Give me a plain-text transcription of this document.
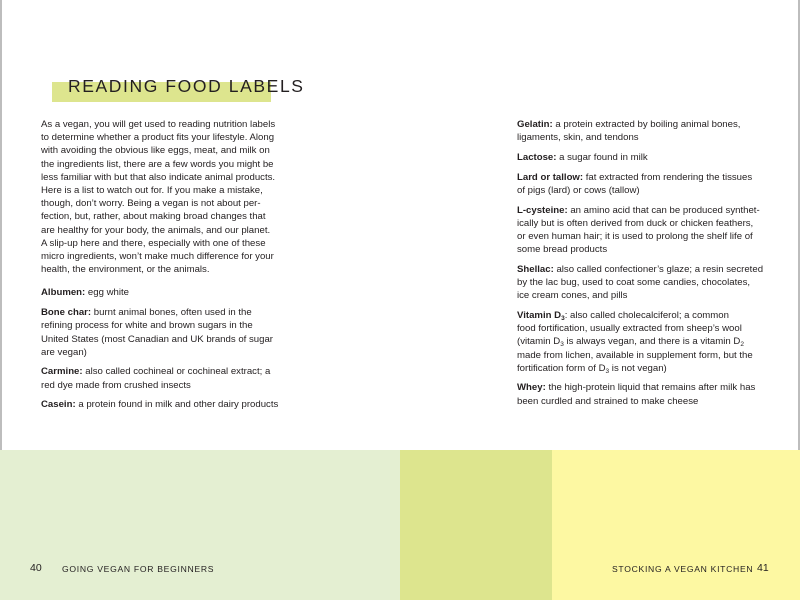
READING FOOD LABELS
As a vegan, you will get used to reading nutrition labels
to determine whether a product fits your lifestyle. Along
with avoiding the obvious like eggs, meat, and milk on
the ingredients list, there are a few words you might be
less familiar with but that also indicate animal products.
Here is a list to watch out for. If you make a mistake,
though, don’t worry. Being a vegan is not about per-
fection, but, rather, about making broad changes that
are healthy for your body, the animals, and our planet.
A slip-up here and there, especially with one of these
micro ingredients, won’t make much difference for your
health, the environment, or the animals.
Albumen: egg white
Bone char: burnt animal bones, often used in the
refining process for white and brown sugars in the
United States (most Canadian and UK brands of sugar
are vegan)
Carmine: also called cochineal or cochineal extract; a
red dye made from crushed insects
Casein: a protein found in milk and other dairy products
Gelatin: a protein extracted by boiling animal bones,
ligaments, skin, and tendons
Lactose: a sugar found in milk
Lard or tallow: fat extracted from rendering the tissues
of pigs (lard) or cows (tallow)
L-cysteine: an amino acid that can be produced synthet-
ically but is often derived from duck or chicken feathers,
or even human hair; it is used to prolong the shelf life of
some bread products
Shellac: also called confectioner’s glaze; a resin secreted
by the lac bug, used to coat some candies, chocolates,
ice cream cones, and pills
Vitamin $D_3$: also called cholecalciferol; a common
food fortification, usually extracted from sheep’s wool
(vitamin $D_3$ is always vegan, and there is a vitamin $D_2$
made from lichen, available in supplement form, but the
fortification form of $D_3$ is not vegan)
Whey: the high-protein liquid that remains after milk has
been curdled and strained to make cheese
40 GOING VEGAN FOR BEGINNERS	STOCKING A VEGAN KITCHEN 41
